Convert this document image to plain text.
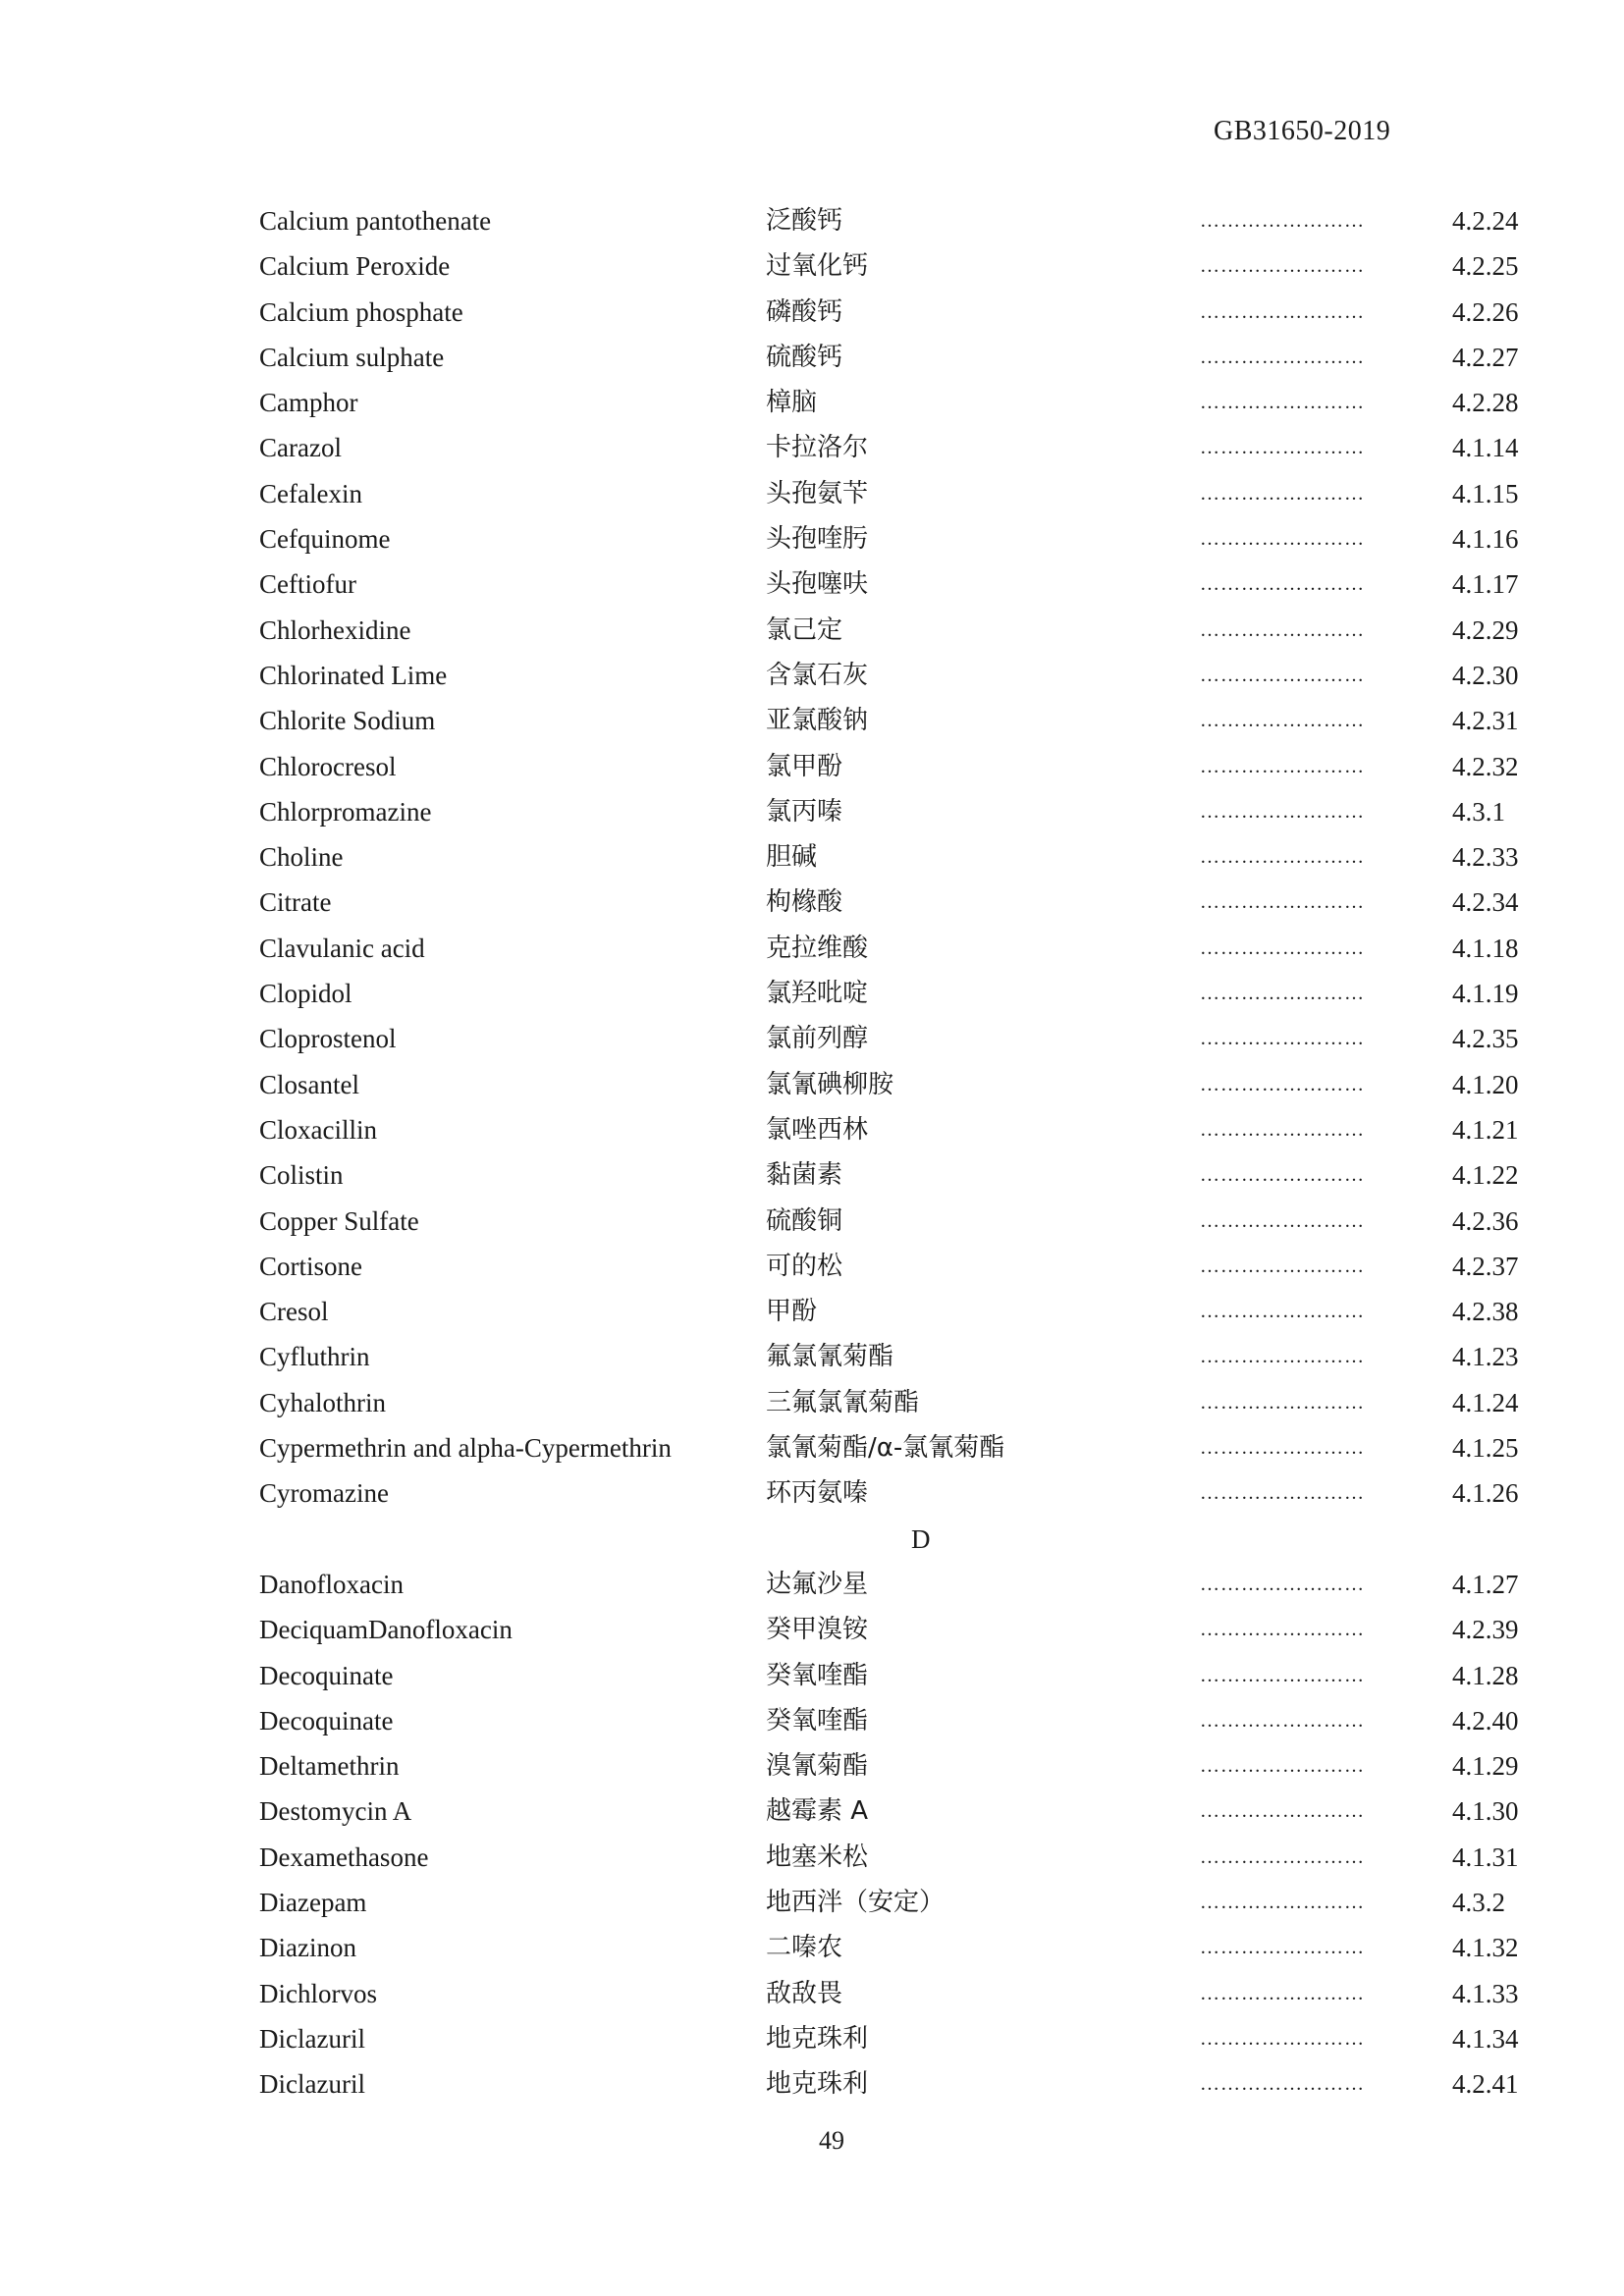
GB31650-2019
Calcium pantothenate	泛酸钙	……………………	4.2.24
Calcium Peroxide	过氧化钙	……………………	4.2.25
Calcium phosphate	磷酸钙	……………………	4.2.26
Calcium sulphate	硫酸钙	……………………	4.2.27
Camphor	樟脑	……………………	4.2.28
Carazol	卡拉洛尔	……………………	4.1.14
Cefalexin	头孢氨苄	……………………	4.1.15
Cefquinome	头孢喹肟	……………………	4.1.16
Ceftiofur	头孢噻呋	……………………	4.1.17
Chlorhexidine	氯己定	……………………	4.2.29
Chlorinated Lime	含氯石灰	……………………	4.2.30
Chlorite Sodium	亚氯酸钠	……………………	4.2.31
Chlorocresol	氯甲酚	……………………	4.2.32
Chlorpromazine	氯丙嗪	……………………	4.3.1
Choline	胆碱	……………………	4.2.33
Citrate	枸橼酸	……………………	4.2.34
Clavulanic acid	克拉维酸	……………………	4.1.18
Clopidol	氯羟吡啶	……………………	4.1.19
Cloprostenol	氯前列醇	……………………	4.2.35
Closantel	氯氰碘柳胺	……………………	4.1.20
Cloxacillin	氯唑西林	……………………	4.1.21
Colistin	黏菌素	……………………	4.1.22
Copper Sulfate	硫酸铜	……………………	4.2.36
Cortisone	可的松	……………………	4.2.37
Cresol	甲酚	……………………	4.2.38
Cyfluthrin	氟氯氰菊酯	……………………	4.1.23
Cyhalothrin	三氟氯氰菊酯	……………………	4.1.24
Cypermethrin and alpha-Cypermethrin	氯氰菊酯/α-氯氰菊酯	……………………	4.1.25
Cyromazine	环丙氨嗪	……………………	4.1.26
D
Danofloxacin	达氟沙星	……………………	4.1.27
DeciquamDanofloxacin	癸甲溴铵	……………………	4.2.39
Decoquinate	癸氧喹酯	……………………	4.1.28
Decoquinate	癸氧喹酯	……………………	4.2.40
Deltamethrin	溴氰菊酯	……………………	4.1.29
Destomycin A	越霉素 A	……………………	4.1.30
Dexamethasone	地塞米松	……………………	4.1.31
Diazepam	地西泮（安定）	……………………	4.3.2
Diazinon	二嗪农	……………………	4.1.32
Dichlorvos	敌敌畏	……………………	4.1.33
Diclazuril	地克珠利	……………………	4.1.34
Diclazuril	地克珠利	……………………	4.2.41
49
